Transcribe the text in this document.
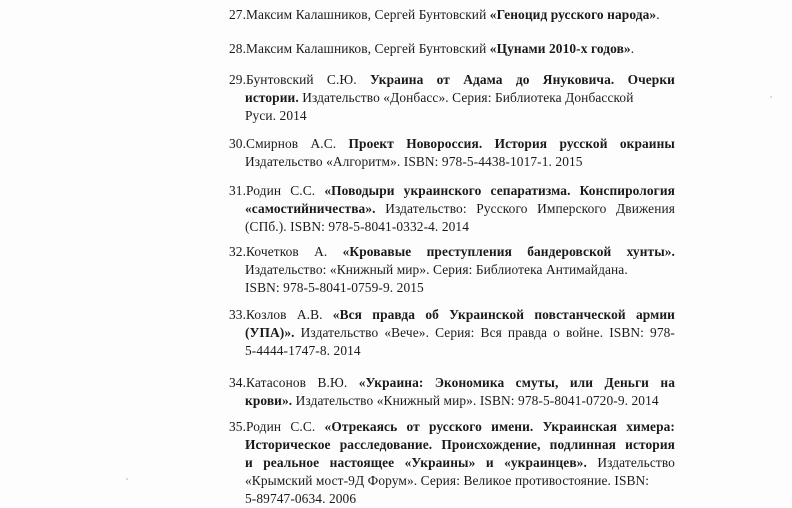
27.Максим Калашников, Сергей Бунтовский «Геноцид русского народа».
28.Максим Калашников, Сергей Бунтовский «Цунами 2010-х годов».
29.Бунтовский С.Ю. Украина от Адама до Януковича. Очерки
истории. Издательство «Донбасс». Серия: Библиотека Донбасской
Руси. 2014
30.Смирнов А.С. Проект Новороссия. История русской окраины
Издательство «Алгоритм». ISBN: 978-5-4438-1017-1. 2015
31.Родин С.С. «Поводыри украинского сепаратизма. Конспирология
«самостийничества». Издательство: Русского Имперского Движения
(СПб.). ISBN: 978-5-8041-0332-4. 2014
32.Кочетков А. «Кровавые преступления бандеровской хунты».
Издательство: «Книжный мир». Серия: Библиотека Антимайдана.
ISBN: 978-5-8041-0759-9. 2015
33.Козлов А.В. «Вся правда об Украинской повстанческой армии
(УПА)». Издательство «Вече». Серия: Вся правда о войне. ISBN: 978-
5-4444-1747-8. 2014
34.Катасонов В.Ю. «Украина: Экономика смуты, или Деньги на
крови». Издательство «Книжный мир». ISBN: 978-5-8041-0720-9. 2014
35.Родин С.С. «Отрекаясь от русского имени. Украинская химера:
Историческое расследование. Происхождение, подлинная история
и реальное настоящее «Украины» и «украинцев». Издательство
«Крымский мост-9Д Форум». Серия: Великое противостояние. ISBN:
5-89747-0634. 2006
